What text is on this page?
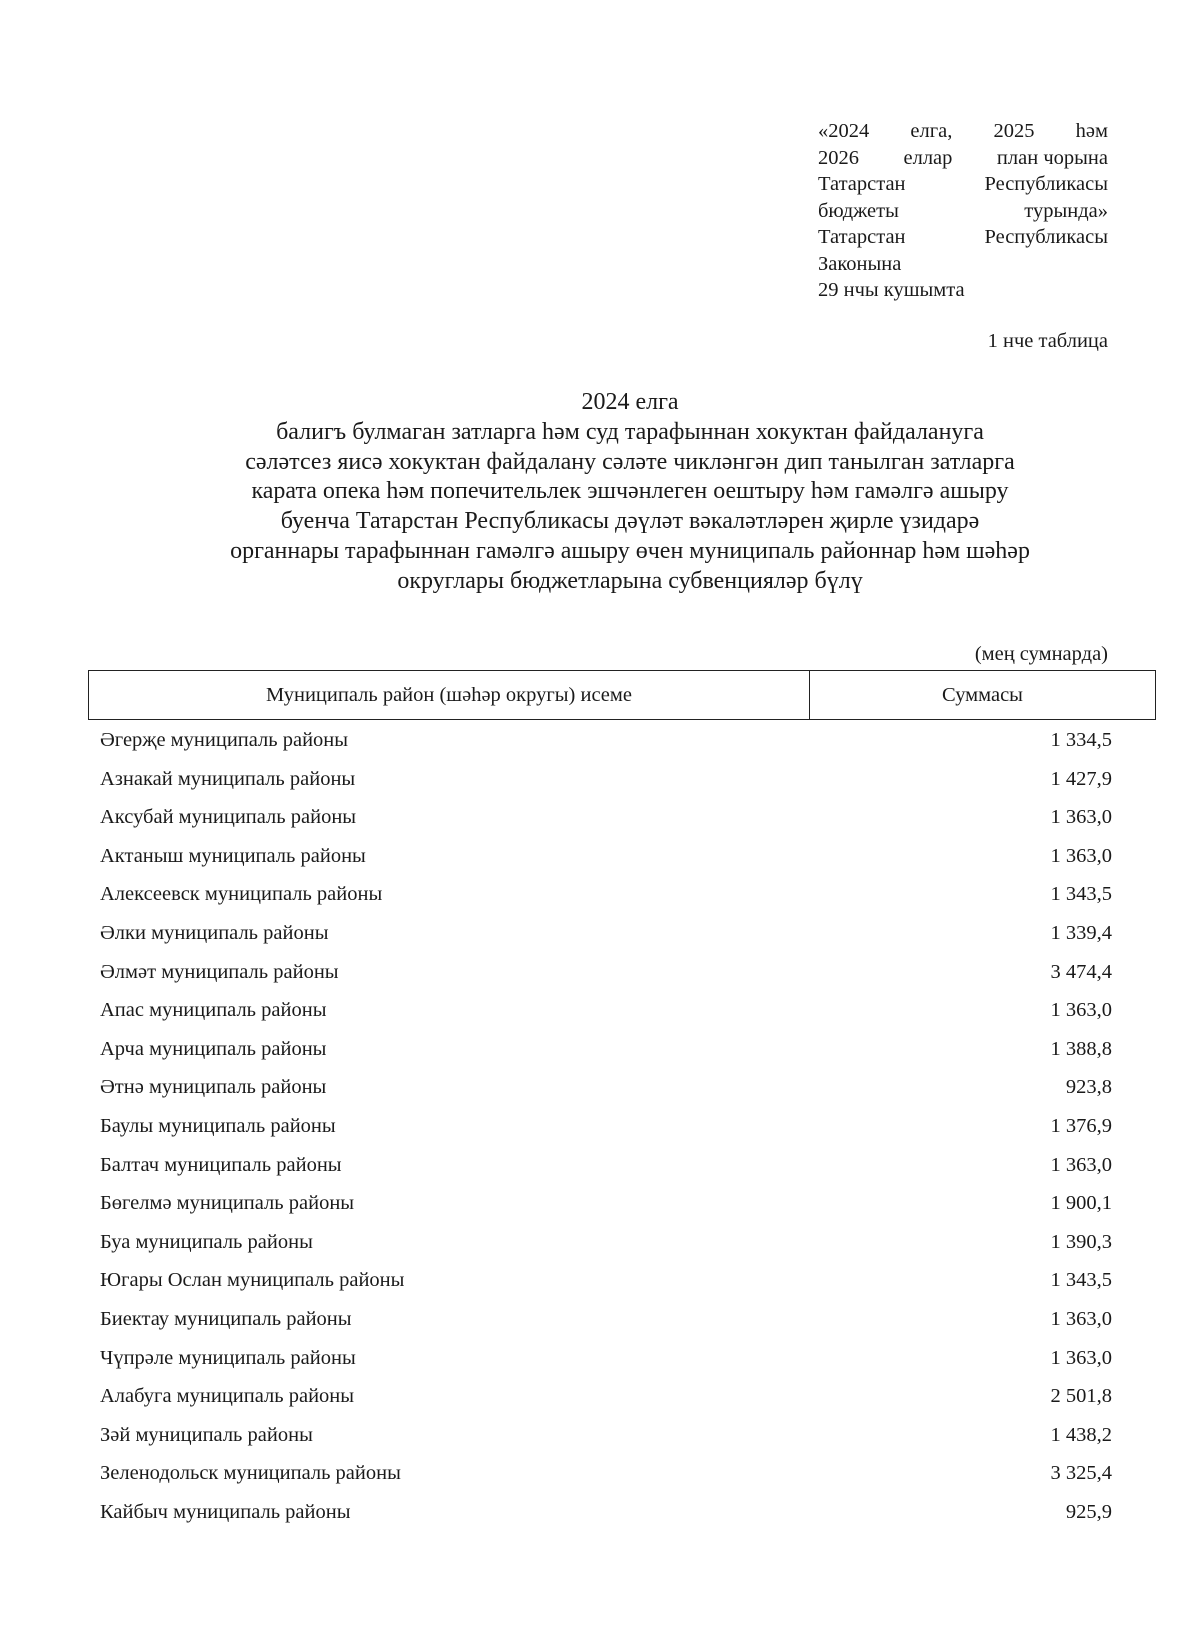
«2024 елга, 2025 һәм
2026 еллар план чорына
Татарстан	Республикасы
бюджеты	турында»
Татарстан	Республикасы
Законына
29 нчы кушымта
1 нче таблица
2024 елга
балигъ булмаган затларга һәм суд тарафыннан хокуктан файдалануга
сәләтсез яисә хокуктан файдалану сәләте чикләнгән дип танылган затларга
карата опека һәм попечительлек эшчәнлеген оештыру һәм гамәлгә ашыру
буенча Татарстан Республикасы дәүләт вәкаләтләрен җирле үзидарә
органнары тарафыннан гамәлгә ашыру өчен муниципаль районнар һәм шәһәр
округлары бюджетларына субвенцияләр бүлү
(мең сумнарда)
Муниципаль район (шәһәр округы) исеме	Суммасы
Әгерҗе муниципаль районы	1 334,5
Азнакай муниципаль районы	1 427,9
Аксубай муниципаль районы	1 363,0
Актаныш муниципаль районы	1 363,0
Алексеевск муниципаль районы	1 343,5
Әлки муниципаль районы	1 339,4
Әлмәт муниципаль районы	3 474,4
Апас муниципаль районы	1 363,0
Арча муниципаль районы	1 388,8
Әтнә муниципаль районы	923,8
Баулы муниципаль районы	1 376,9
Балтач муниципаль районы	1 363,0
Бөгелмә муниципаль районы	1 900,1
Буа муниципаль районы	1 390,3
Югары Ослан муниципаль районы	1 343,5
Биектау муниципаль районы	1 363,0
Чүпрәле муниципаль районы	1 363,0
Алабуга муниципаль районы	2 501,8
Зәй муниципаль районы	1 438,2
Зеленодольск муниципаль районы	3 325,4
Кайбыч муниципаль районы	925,9
